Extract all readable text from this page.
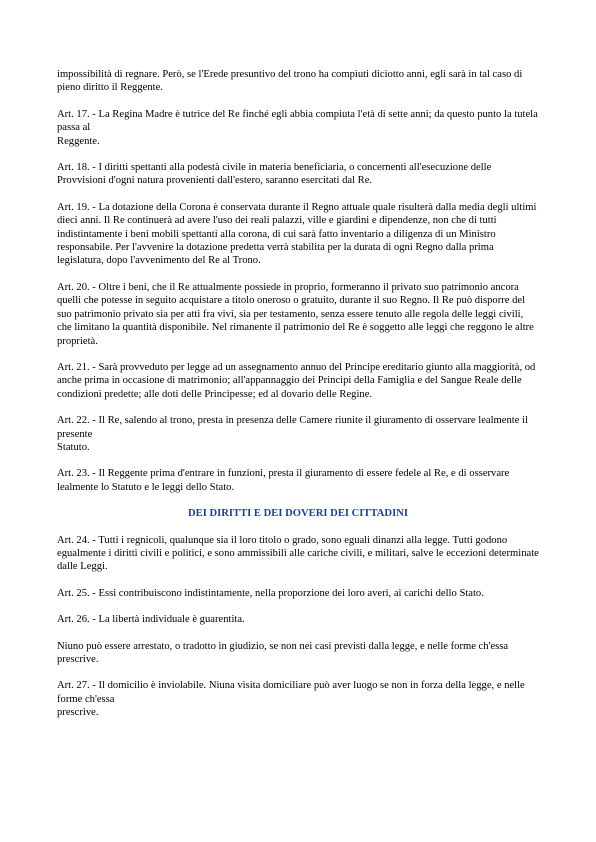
impossibilità di regnare. Però, se l'Erede presuntivo del trono ha compiuti diciotto anni, egli sarà in tal caso di pieno diritto il Reggente.
Art. 17. - La Regina Madre è tutrice del Re finché egli abbia compiuta l'età di sette anni; da questo punto la tutela passa al
Reggente.
Art. 18. - I diritti spettanti alla podestà civile in materia beneficiaria, o concernenti all'esecuzione delle Provvisioni d'ogni natura provenienti dall'estero, saranno esercitati dal Re.
Art. 19. - La dotazione della Corona è conservata durante il Regno attuale quale risulterà dalla media degli ultimi dieci anni. Il Re continuerà ad avere l'uso dei reali palazzi, ville e giardini e dipendenze, non che di tutti indistintamente i beni mobili spettanti alla corona, di cui sarà fatto inventario a diligenza di un Ministro responsabile. Per l'avvenire la dotazione predetta verrà stabilita per la durata di ogni Regno dalla prima legislatura, dopo l'avvenimento del Re al Trono.
Art. 20. - Oltre i beni, che il Re attualmente possiede in proprio, formeranno il privato suo patrimonio ancora quelli che potesse in seguito acquistare a titolo oneroso o gratuito, durante il suo Regno. Il Re può disporre del suo patrimonio privato sia per atti fra vivi, sia per testamento, senza essere tenuto alle regola delle leggi civili, che limitano la quantità disponibile. Nel rimanente il patrimonio del Re è soggetto alle leggi che reggono le altre proprietà.
Art. 21. - Sarà provveduto per legge ad un assegnamento annuo del Principe ereditario giunto alla maggiorità, od anche prima in occasione di matrimonio; all'appannaggio dei Principi della Famiglia e del Sangue Reale delle condizioni predette; alle doti delle Principesse; ed al dovario delle Regine.
Art. 22. - Il Re, salendo al trono, presta in presenza delle Camere riunite il giuramento di osservare lealmente il presente
Statuto.
Art. 23. - Il Reggente prima d'entrare in funzioni, presta il giuramento di essere fedele al Re, e di osservare lealmente lo Statuto e le leggi dello Stato.
DEI DIRITTI E DEI DOVERI DEI CITTADINI
Art. 24. - Tutti i regnicoli, qualunque sia il loro titolo o grado, sono eguali dinanzi alla legge. Tutti godono egualmente i diritti civili e politici, e sono ammissibili alle cariche civili, e militari, salve le eccezioni determinate dalle Leggi.
Art. 25. - Essi contribuiscono indistintamente, nella proporzione dei loro averi, ai carichi dello Stato.
Art. 26. - La libertà individuale è guarentita.
Niuno può essere arrestato, o tradotto in giudizio, se non nei casi previsti dalla legge, e nelle forme ch'essa prescrive.
Art. 27. - Il domicilio è inviolabile. Niuna visita domiciliare può aver luogo se non in forza della legge, e nelle forme ch'essa
prescrive.
